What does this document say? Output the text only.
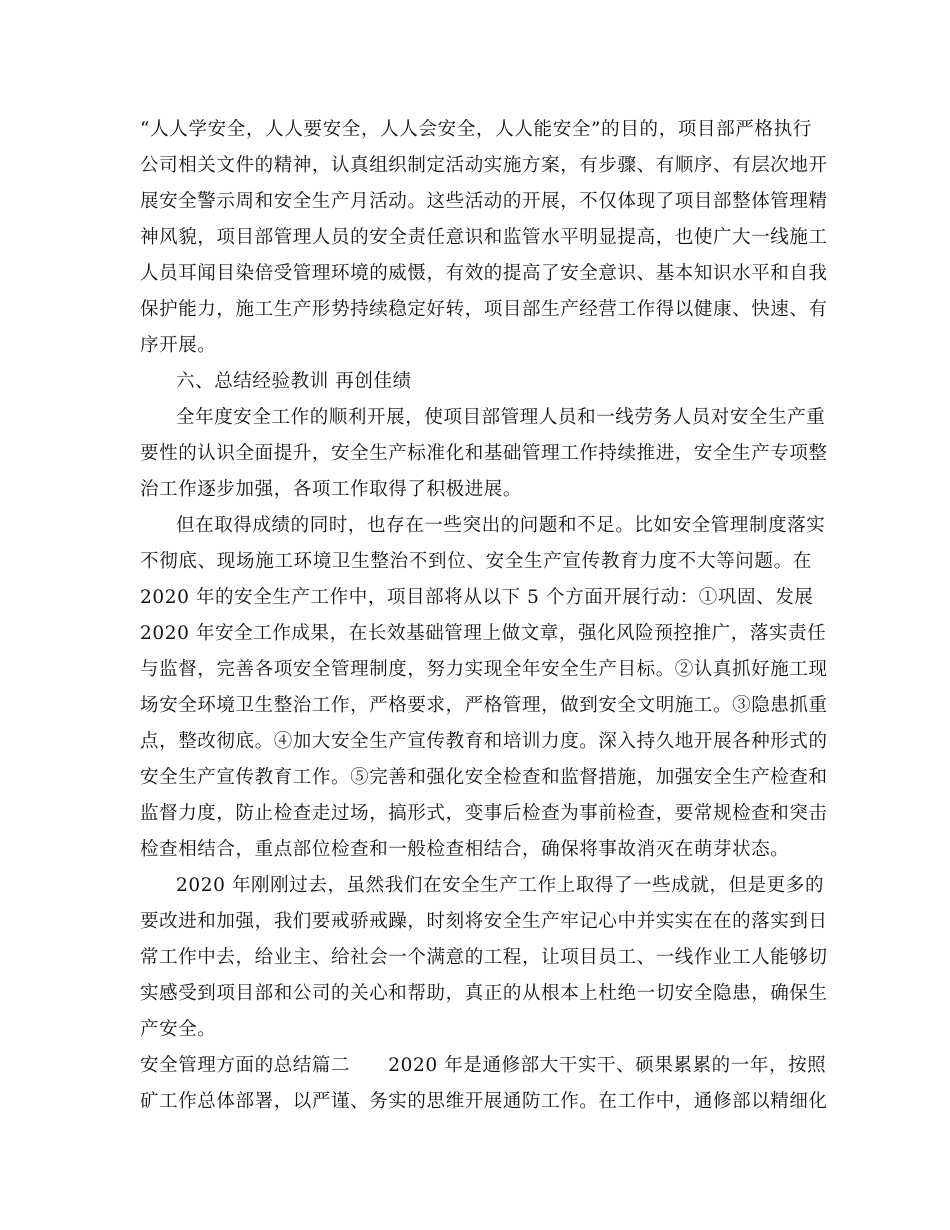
“人人学安全，人人要安全，人人会安全，人人能安全”的目的，项目部严格执行
公司相关文件的精神，认真组织制定活动实施方案，有步骤、有顺序、有层次地开
展安全警示周和安全生产月活动。这些活动的开展，不仅体现了项目部整体管理精
神风貌，项目部管理人员的安全责任意识和监管水平明显提高，也使广大一线施工
人员耳闻目染倍受管理环境的威慑，有效的提高了安全意识、基本知识水平和自我
保护能力，施工生产形势持续稳定好转，项目部生产经营工作得以健康、快速、有
序开展。
六、总结经验教训 再创佳绩
全年度安全工作的顺利开展，使项目部管理人员和一线劳务人员对安全生产重
要性的认识全面提升，安全生产标准化和基础管理工作持续推进，安全生产专项整
治工作逐步加强，各项工作取得了积极进展。
但在取得成绩的同时，也存在一些突出的问题和不足。比如安全管理制度落实
不彻底、现场施工环境卫生整治不到位、安全生产宣传教育力度不大等问题。在
2020 年的安全生产工作中，项目部将从以下 5 个方面开展行动：①巩固、发展
2020 年安全工作成果，在长效基础管理上做文章，强化风险预控推广，落实责任
与监督，完善各项安全管理制度，努力实现全年安全生产目标。②认真抓好施工现
场安全环境卫生整治工作，严格要求，严格管理，做到安全文明施工。③隐患抓重
点，整改彻底。④加大安全生产宣传教育和培训力度。深入持久地开展各种形式的
安全生产宣传教育工作。⑤完善和强化安全检查和监督措施，加强安全生产检查和
监督力度，防止检查走过场，搞形式，变事后检查为事前检查，要常规检查和突击
检查相结合，重点部位检查和一般检查相结合，确保将事故消灭在萌芽状态。
2020 年刚刚过去，虽然我们在安全生产工作上取得了一些成就，但是更多的
要改进和加强，我们要戒骄戒躁，时刻将安全生产牢记心中并实实在在的落实到日
常工作中去，给业主、给社会一个满意的工程，让项目员工、一线作业工人能够切
实感受到项目部和公司的关心和帮助，真正的从根本上杜绝一切安全隐患，确保生
产安全。
安全管理方面的总结篇二　　2020 年是通修部大干实干、硕果累累的一年，按照
矿工作总体部署，以严谨、务实的思维开展通防工作。在工作中，通修部以精细化
